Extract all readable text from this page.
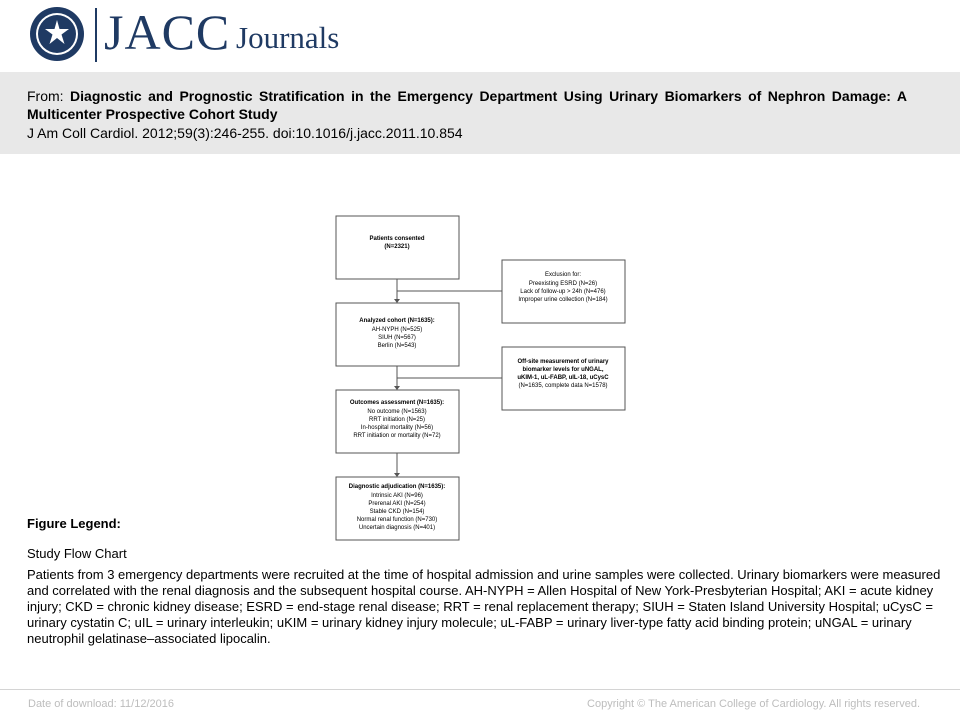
JACC Journals
From: Diagnostic and Prognostic Stratification in the Emergency Department Using Urinary Biomarkers of Nephron Damage: A Multicenter Prospective Cohort Study
J Am Coll Cardiol. 2012;59(3):246-255. doi:10.1016/j.jacc.2011.10.854
Patients consented
(N=2321)
Exclusion for:
Preexisting ESRD (N=26)
Lack of follow-up > 24h (N=476)
Improper urine collection (N=184)
Analyzed cohort (N=1635):
AH-NYPH (N=525)
SIUH (N=567)
Berlin (N=543)
Off-site measurement of urinary
biomarker levels for uNGAL,
uKIM-1, uL-FABP, uIL-18, uCysC
(N=1635, complete data N=1578)
Outcomes assessment (N=1635):
No outcome (N=1563)
RRT initiation (N=25)
In-hospital mortality (N=56)
RRT initiation or mortality (N=72)
Diagnostic adjudication (N=1635):
Intrinsic AKI (N=96)
Prerenal AKI (N=254)
Stable CKD (N=154)
Normal renal function (N=730)
Uncertain diagnosis (N=401)
Figure Legend:
Study Flow Chart
Patients from 3 emergency departments were recruited at the time of hospital admission and urine samples were collected. Urinary biomarkers were measured and correlated with the renal diagnosis and the subsequent hospital course. AH-NYPH = Allen Hospital of New York-Presbyterian Hospital; AKI = acute kidney injury; CKD = chronic kidney disease; ESRD = end-stage renal disease; RRT = renal replacement therapy; SIUH = Staten Island University Hospital; uCysC = urinary cystatin C; uIL = urinary interleukin; uKIM = urinary kidney injury molecule; uL-FABP = urinary liver-type fatty acid binding protein; uNGAL = urinary neutrophil gelatinase–associated lipocalin.
Date of download: 11/12/2016	Copyright © The American College of Cardiology. All rights reserved.
